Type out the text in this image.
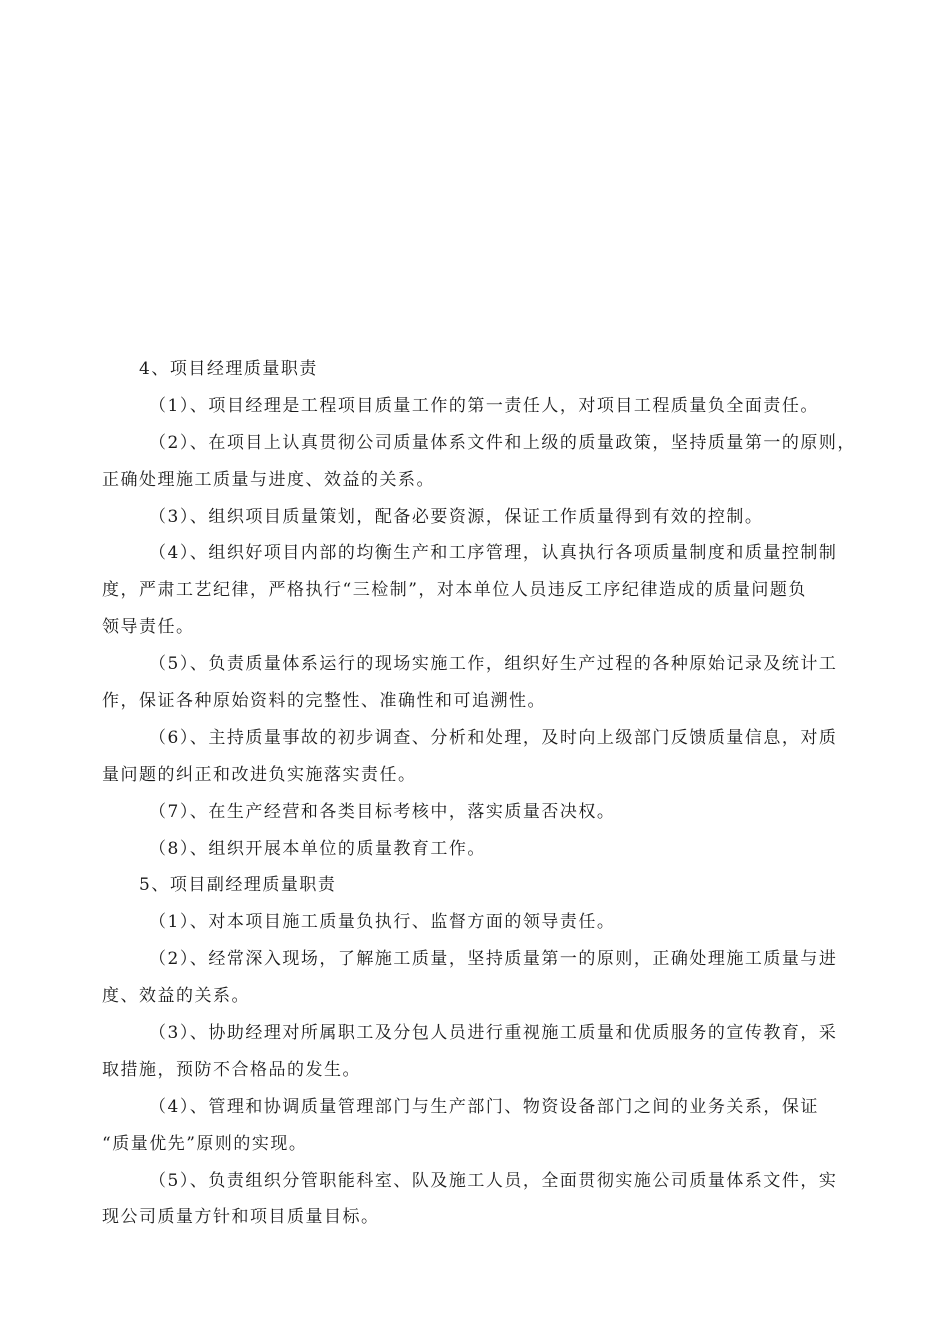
4、项目经理质量职责
（1）、项目经理是工程项目质量工作的第一责任人，对项目工程质量负全面责任。
（2）、在项目上认真贯彻公司质量体系文件和上级的质量政策，坚持质量第一的原则，
正确处理施工质量与进度、效益的关系。
（3）、组织项目质量策划，配备必要资源，保证工作质量得到有效的控制。
（4）、组织好项目内部的均衡生产和工序管理，认真执行各项质量制度和质量控制制
度，严肃工艺纪律，严格执行“三检制”，对本单位人员违反工序纪律造成的质量问题负
领导责任。
（5）、负责质量体系运行的现场实施工作，组织好生产过程的各种原始记录及统计工
作，保证各种原始资料的完整性、准确性和可追溯性。
（6）、主持质量事故的初步调查、分析和处理，及时向上级部门反馈质量信息，对质
量问题的纠正和改进负实施落实责任。
（7）、在生产经营和各类目标考核中，落实质量否决权。
（8）、组织开展本单位的质量教育工作。
5、项目副经理质量职责
（1）、对本项目施工质量负执行、监督方面的领导责任。
（2）、经常深入现场，了解施工质量，坚持质量第一的原则，正确处理施工质量与进
度、效益的关系。
（3）、协助经理对所属职工及分包人员进行重视施工质量和优质服务的宣传教育，采
取措施，预防不合格品的发生。
（4）、管理和协调质量管理部门与生产部门、物资设备部门之间的业务关系，保证
“质量优先”原则的实现。
（5）、负责组织分管职能科室、队及施工人员，全面贯彻实施公司质量体系文件，实
现公司质量方针和项目质量目标。
